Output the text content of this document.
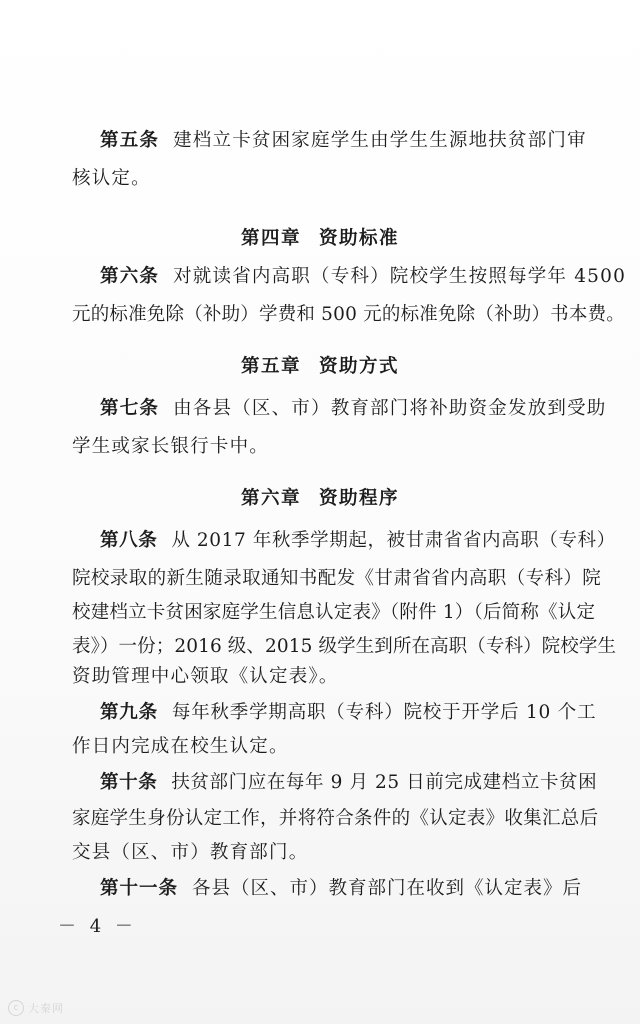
第五条 建档立卡贫困家庭学生由学生生源地扶贫部门审
核认定。
第四章 资助标准
第六条 对就读省内高职（专科）院校学生按照每学年 4500
元的标准免除（补助）学费和 500 元的标准免除（补助）书本费。
第五章 资助方式
第七条 由各县（区、市）教育部门将补助资金发放到受助
学生或家长银行卡中。
第六章 资助程序
第八条 从 2017 年秋季学期起，被甘肃省省内高职（专科）
院校录取的新生随录取通知书配发《甘肃省省内高职（专科）院
校建档立卡贫困家庭学生信息认定表》（附件 1）（后简称《认定
表》）一份；2016 级、2015 级学生到所在高职（专科）院校学生
资助管理中心领取《认定表》。
第九条 每年秋季学期高职（专科）院校于开学后 10 个工
作日内完成在校生认定。
第十条 扶贫部门应在每年 9 月 25 日前完成建档立卡贫困
家庭学生身份认定工作，并将符合条件的《认定表》收集汇总后
交县（区、市）教育部门。
第十一条 各县（区、市）教育部门在收到《认定表》后
－ 4 －
c 大秦网
